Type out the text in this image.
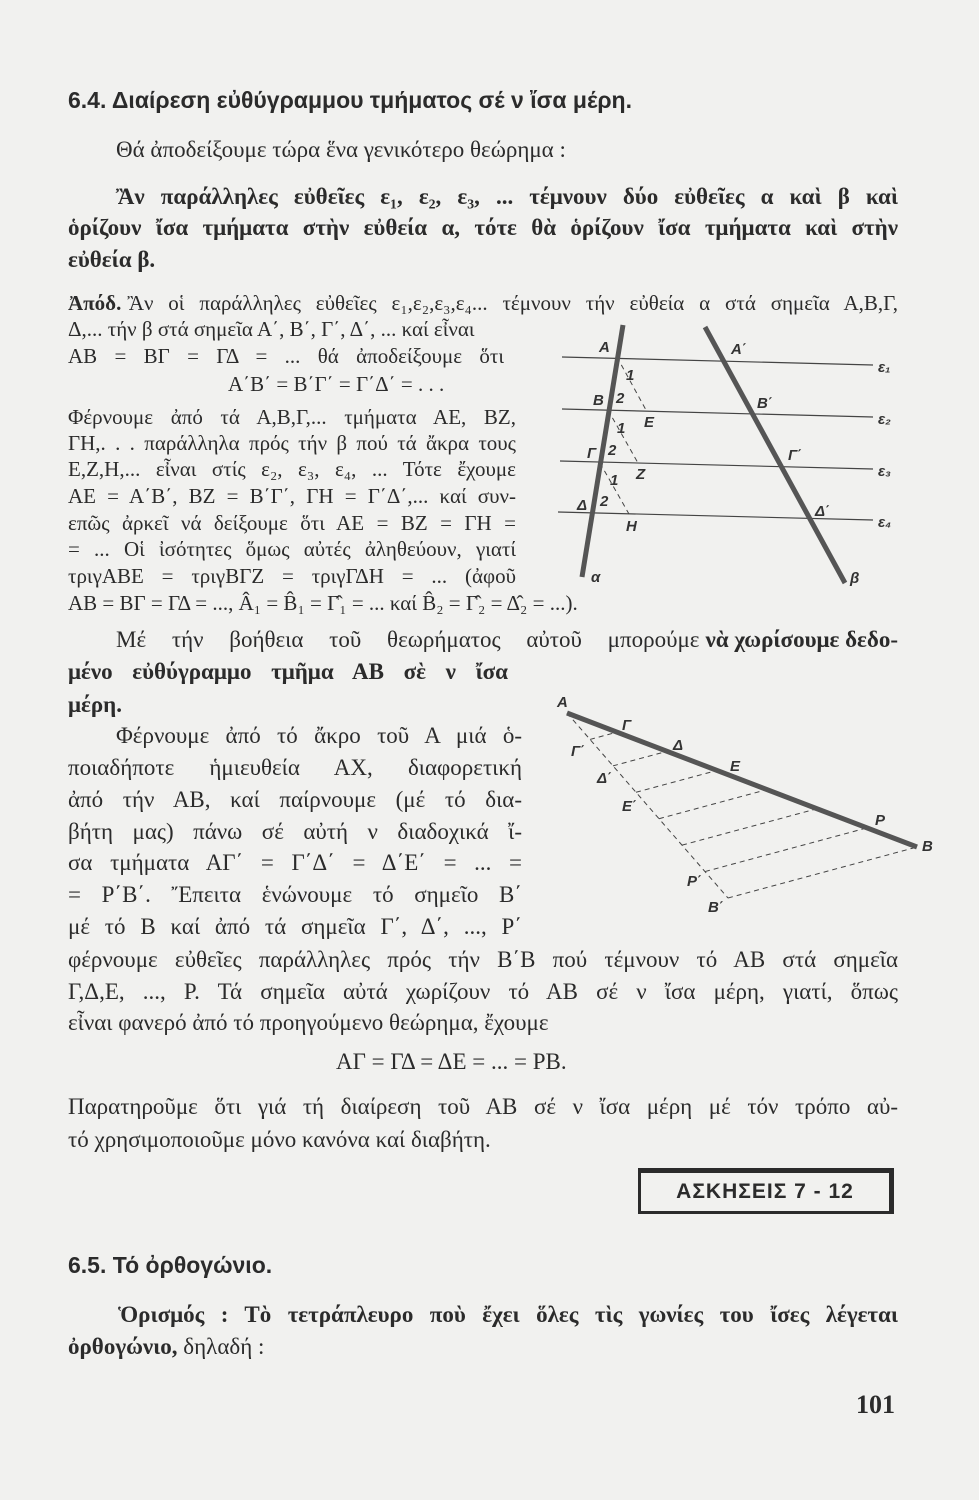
6.4. Διαίρεση εὐθύγραμμου τμήματος σέ ν ἴσα μέρη.
Θά ἀποδείξουμε τώρα ἕνα γενικότερο θεώρημα :
Ἂν παράλληλες εὐθεῖες ε₁, ε₂, ε₃, ... τέμνουν δύο εὐθεῖες α καὶ β καὶ
ὁρίζουν ἴσα τμήματα στὴν εὐθεία α, τότε θὰ ὁρίζουν ἴσα τμήματα καὶ στὴν
εὐθεία β.
Ἀπόδ. Ἂν οἱ παράλληλες εὐθεῖες ε₁,ε₂,ε₃,ε₄... τέμνουν τήν εὐθεία α στά σημεῖα Α,Β,Γ,
Δ,... τήν β στά σημεῖα Α΄, Β΄, Γ΄, Δ΄, ... καί εἶναι
ΑΒ = ΒΓ = ΓΔ = ... θά ἀποδείξουμε ὅτι
Α΄Β΄ = Β΄Γ΄ = Γ΄Δ΄ = . . .
Φέρνουμε ἀπό τά Α,Β,Γ,... τμήματα ΑΕ, ΒΖ,
ΓΗ,. . . παράλληλα πρός τήν β πού τά ἄκρα τους
Ε,Ζ,Η,... εἶναι στίς ε₂, ε₃, ε₄, ... Τότε ἔχουμε
ΑΕ = Α΄Β΄, ΒΖ = Β΄Γ΄, ΓΗ = Γ΄Δ΄,... καί συν-
επῶς ἀρκεῖ νά δείξουμε ὅτι ΑΕ = ΒΖ = ΓΗ =
= ... Οἱ ἰσότητες ὅμως αὐτές ἀληθεύουν, γιατί
τριγΑΒΕ = τριγΒΓΖ = τριγΓΔΗ = ... (ἀφοῦ
ΑΒ = ΒΓ = ΓΔ = ..., Â₁ = B̂₁ = Γ̂₁ = ... καί B̂₂ = Γ̂₂ = Δ̂₂ = ...).
A
B
Γ
Δ
E
Z
H
A΄
B΄
Γ΄
Δ΄
α	β
ε₁
ε₂
ε₃
ε₄
1
2
1
2
1
2
A
Γ
Γ΄	Δ
Δ΄
E
E΄
P
P΄
B
B΄
Μέ τήν βοήθεια τοῦ θεωρήματος αὐτοῦ μπορούμε νὰ χωρίσουμε δεδο-
μένο εὐθύγραμμο τμῆμα ΑΒ σὲ ν ἴσα
μέρη.
Φέρνουμε ἀπό τό ἄκρο τοῦ Α μιά ὁ-
ποιαδήποτε ἡμιευθεία ΑΧ, διαφορετική
ἀπό τήν ΑΒ, καί παίρνουμε (μέ τό δια-
βήτη μας) πάνω σέ αὐτή ν διαδοχικά ἴ-
σα τμήματα ΑΓ΄ = Γ΄Δ΄ = Δ΄Ε΄ = ... =
= Ρ΄Β΄. Ἔπειτα ἑνώνουμε τό σημεῖο Β΄
μέ τό Β καί ἀπό τά σημεῖα Γ΄, Δ΄, ..., Ρ΄
φέρνουμε εὐθεῖες παράλληλες πρός τήν Β΄Β πού τέμνουν τό ΑΒ στά σημεῖα
Γ,Δ,Ε, ..., Ρ. Τά σημεῖα αὐτά χωρίζουν τό ΑΒ σέ ν ἴσα μέρη, γιατί, ὅπως
εἶναι φανερό ἀπό τό προηγούμενο θεώρημα, ἔχουμε
ΑΓ = ΓΔ = ΔΕ = ... = ΡΒ.
Παρατηροῦμε ὅτι γιά τή διαίρεση τοῦ ΑΒ σέ ν ἴσα μέρη μέ τόν τρόπο αὐ-
τό χρησιμοποιοῦμε μόνο κανόνα καί διαβήτη.
ΑΣΚΗΣΕΙΣ 7 - 12
6.5. Τό ὀρθογώνιο.
Ὁρισμός : Τὸ τετράπλευρο ποὺ ἔχει ὅλες τὶς γωνίες του ἴσες λέγεται
ὀρθογώνιο, δηλαδή :
101
